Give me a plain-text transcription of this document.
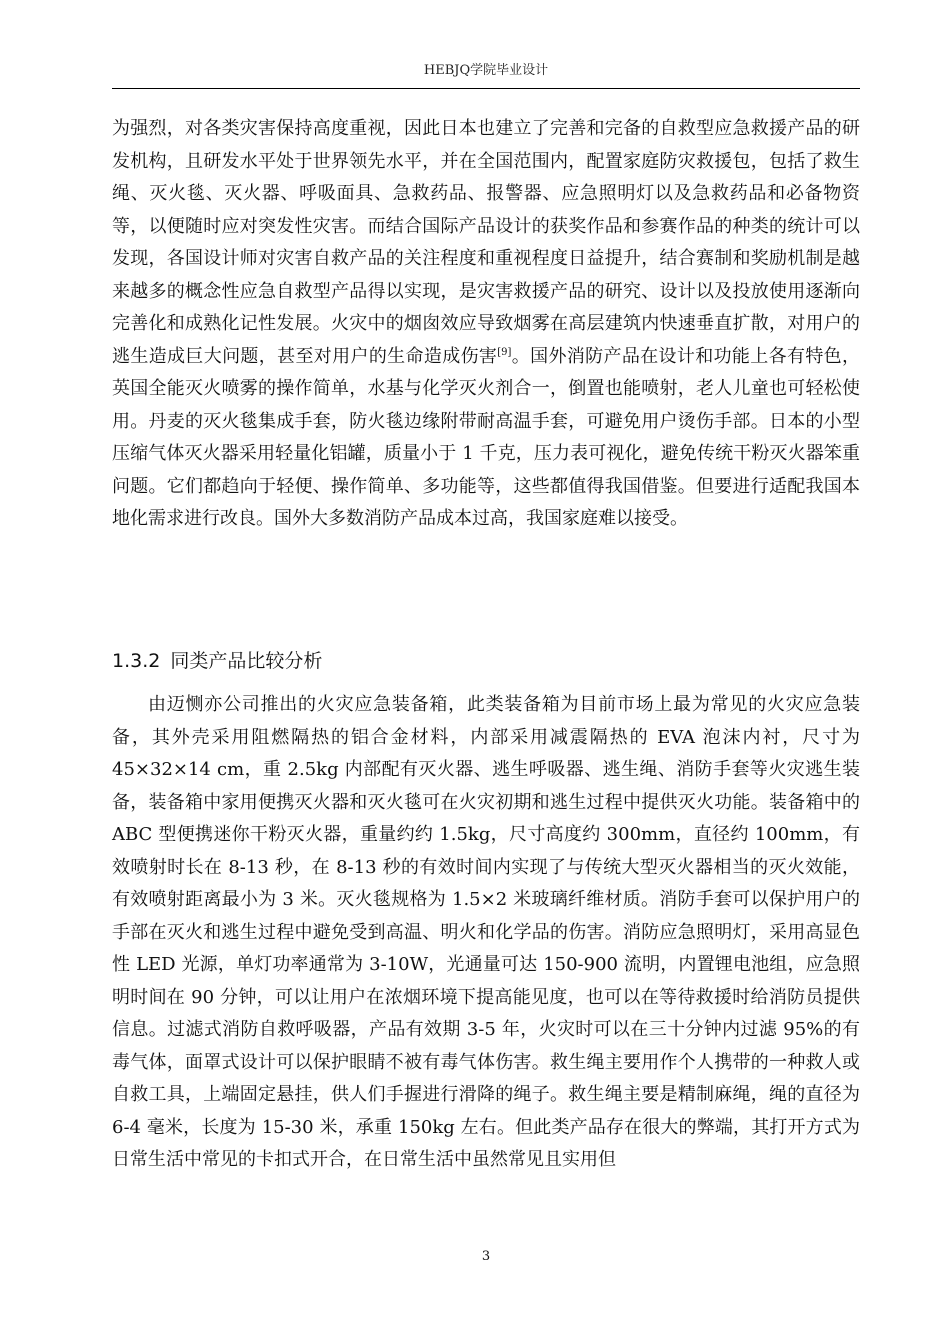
HEBJQ学院毕业设计

为强烈，对各类灾害保持高度重视，因此日本也建立了完善和完备的自救型应急救援产品的研发机构，且研发水平处于世界领先水平，并在全国范围内，配置家庭防灾救援包，包括了救生绳、灭火毯、灭火器、呼吸面具、急救药品、报警器、应急照明灯以及急救药品和必备物资等，以便随时应对突发性灾害。而结合国际产品设计的获奖作品和参赛作品的种类的统计可以发现，各国设计师对灾害自救产品的关注程度和重视程度日益提升，结合赛制和奖励机制是越来越多的概念性应急自救型产品得以实现，是灾害救援产品的研究、设计以及投放使用逐渐向完善化和成熟化记性发展。火灾中的烟囱效应导致烟雾在高层建筑内快速垂直扩散，对用户的逃生造成巨大问题，甚至对用户的生命造成伤害[9]。国外消防产品在设计和功能上各有特色，英国全能灭火喷雾的操作简单，水基与化学灭火剂合一，倒置也能喷射，老人儿童也可轻松使用。丹麦的灭火毯集成手套，防火毯边缘附带耐高温手套，可避免用户烫伤手部。日本的小型压缩气体灭火器采用轻量化铝罐，质量小于 1 千克，压力表可视化，避免传统干粉灭火器笨重问题。它们都趋向于轻便、操作简单、多功能等，这些都值得我国借鉴。但要进行适配我国本地化需求进行改良。国外大多数消防产品成本过高，我国家庭难以接受。

1.3.2 同类产品比较分析

由迈恻亦公司推出的火灾应急装备箱，此类装备箱为目前市场上最为常见的火灾应急装备，其外壳采用阻燃隔热的铝合金材料，内部采用减震隔热的 EVA 泡沫内衬，尺寸为 45×32×14 cm，重 2.5kg 内部配有灭火器、逃生呼吸器、逃生绳、消防手套等火灾逃生装备，装备箱中家用便携灭火器和灭火毯可在火灾初期和逃生过程中提供灭火功能。装备箱中的 ABC 型便携迷你干粉灭火器，重量约约 1.5kg，尺寸高度约 300mm，直径约 100mm，有效喷射时长在 8-13 秒，在 8-13 秒的有效时间内实现了与传统大型灭火器相当的灭火效能，有效喷射距离最小为 3 米。灭火毯规格为 1.5×2 米玻璃纤维材质。消防手套可以保护用户的手部在灭火和逃生过程中避免受到高温、明火和化学品的伤害。消防应急照明灯，采用高显色性 LED 光源，单灯功率通常为 3-10W，光通量可达 150-900 流明，内置锂电池组，应急照明时间在 90 分钟，可以让用户在浓烟环境下提高能见度，也可以在等待救援时给消防员提供信息。过滤式消防自救呼吸器，产品有效期 3-5 年，火灾时可以在三十分钟内过滤 95%的有毒气体，面罩式设计可以保护眼睛不被有毒气体伤害。救生绳主要用作个人携带的一种救人或自救工具，上端固定悬挂，供人们手握进行滑降的绳子。救生绳主要是精制麻绳，绳的直径为 6-4 毫米，长度为 15-30 米，承重 150kg 左右。但此类产品存在很大的弊端，其打开方式为日常生活中常见的卡扣式开合，在日常生活中虽然常见且实用但

3
